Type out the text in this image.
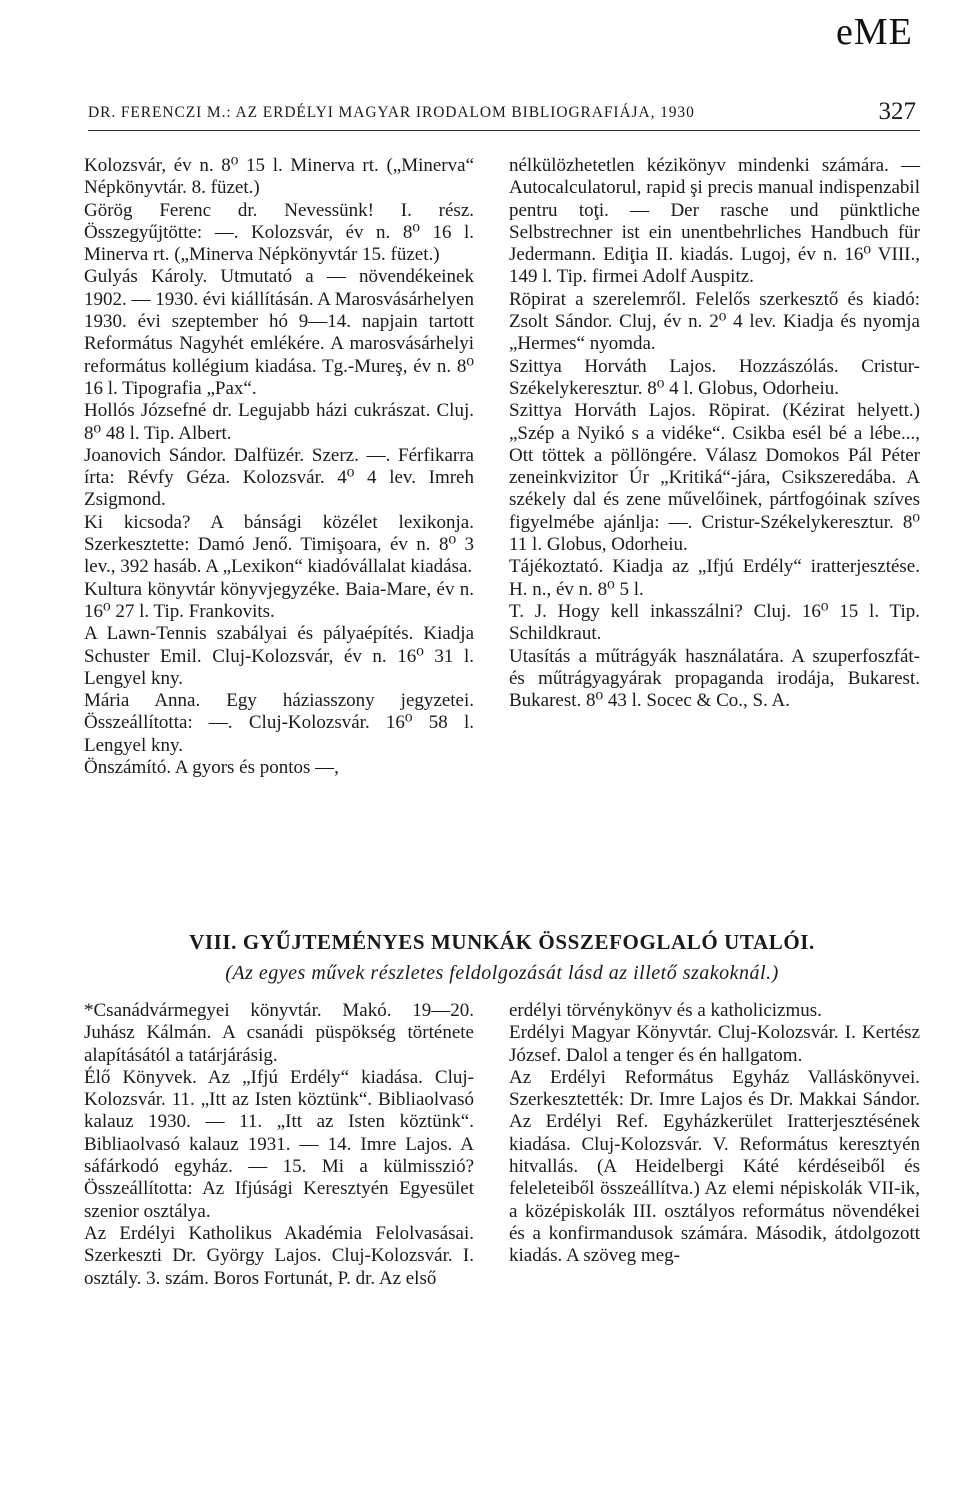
eME
DR. FERENCZI M.: AZ ERDÉLYI MAGYAR IRODALOM BIBLIOGRAFIÁJA, 1930	327

Kolozsvár, év n. 8⁰ 15 l. Minerva rt. („Minerva“ Népkönyvtár. 8. füzet.)

Görög Ferenc dr. Nevessünk! I. rész. Összegyűjtötte: —. Kolozsvár, év n. 8⁰ 16 l. Minerva rt. („Minerva Népkönyvtár 15. füzet.)

Gulyás Károly. Utmutató a — növendékeinek 1902. — 1930. évi kiállításán. A Marosvásárhelyen 1930. évi szeptember hó 9—14. napjain tartott Református Nagyhét emlékére. A marosvásárhelyi református kollégium kiadása. Tg.-Mureş, év n. 8⁰ 16 l. Tipografia „Pax“.

Hollós Józsefné dr. Legujabb házi cukrászat. Cluj. 8⁰ 48 l. Tip. Albert.

Joanovich Sándor. Dalfüzér. Szerz. —. Férfikarra írta: Révfy Géza. Kolozsvár. 4⁰ 4 lev. Imreh Zsigmond.

Ki kicsoda? A bánsági közélet lexikonja. Szerkesztette: Damó Jenő. Timişoara, év n. 8⁰ 3 lev., 392 hasáb. A „Lexikon“ kiadóvállalat kiadása.

Kultura könyvtár könyvjegyzéke. Baia-Mare, év n. 16⁰ 27 l. Tip. Frankovits.

A Lawn-Tennis szabályai és pályaépítés. Kiadja Schuster Emil. Cluj-Kolozsvár, év n. 16⁰ 31 l. Lengyel kny.

Mária Anna. Egy háziasszony jegyzetei. Összeállította: —. Cluj-Kolozsvár. 16⁰ 58 l. Lengyel kny.

Önszámító. A gyors és pontos —,

nélkülözhetetlen kézikönyv mindenki számára. — Autocalculatorul, rapid şi precis manual indispenzabil pentru toţi. — Der rasche und pünktliche Selbstrechner ist ein unentbehrliches Handbuch für Jedermann. Ediţia II. kiadás. Lugoj, év n. 16⁰ VIII., 149 l. Tip. firmei Adolf Auspitz.

Röpirat a szerelemről. Felelős szerkesztő és kiadó: Zsolt Sándor. Cluj, év n. 2⁰ 4 lev. Kiadja és nyomja „Hermes“ nyomda.

Szittya Horváth Lajos. Hozzászólás. Cristur-Székelykeresztur. 8⁰ 4 l. Globus, Odorheiu.

Szittya Horváth Lajos. Röpirat. (Kézirat helyett.) „Szép a Nyikó s a vidéke“. Csikba esél bé a lébe..., Ott töttek a pöllöngére. Válasz Domokos Pál Péter zeneinkvizitor Úr „Kritiká“-jára, Csikszeredába. A székely dal és zene művelőinek, pártfogóinak szíves figyelmébe ajánlja: —. Cristur-Székelykeresztur. 8⁰ 11 l. Globus, Odorheiu.

Tájékoztató. Kiadja az „Ifjú Erdély“ iratterjesztése. H. n., év n. 8⁰ 5 l.

T. J. Hogy kell inkasszálni? Cluj. 16⁰ 15 l. Tip. Schildkraut.

Utasítás a műtrágyák használatára. A szuperfoszfát- és műtrágyagyárak propaganda irodája, Bukarest. Bukarest. 8⁰ 43 l. Socec & Co., S. A.

VIII. GYŰJTEMÉNYES MUNKÁK ÖSSZEFOGLALÓ UTALÓI.
(Az egyes művek részletes feldolgozását lásd az illető szakoknál.)

*Csanádvármegyei könyvtár. Makó. 19—20. Juhász Kálmán. A csanádi püspökség története alapításától a tatárjárásig.

Élő Könyvek. Az „Ifjú Erdély“ kiadása. Cluj-Kolozsvár. 11. „Itt az Isten köztünk“. Bibliaolvasó kalauz 1930. — 11. „Itt az Isten köztünk“. Bibliaolvasó kalauz 1931. — 14. Imre Lajos. A sáfárkodó egyház. — 15. Mi a külmisszió? Összeállította: Az Ifjúsági Keresztyén Egyesület szenior osztálya.

Az Erdélyi Katholikus Akadémia Felolvasásai. Szerkeszti Dr. György Lajos. Cluj-Kolozsvár. I. osztály. 3. szám. Boros Fortunát, P. dr. Az első

erdélyi törvénykönyv és a katholicizmus.

Erdélyi Magyar Könyvtár. Cluj-Kolozsvár. I. Kertész József. Dalol a tenger és én hallgatom.

Az Erdélyi Református Egyház Valláskönyvei. Szerkesztették: Dr. Imre Lajos és Dr. Makkai Sándor. Az Erdélyi Ref. Egyházkerület Iratterjesztésének kiadása. Cluj-Kolozsvár. V. Református keresztyén hitvallás. (A Heidelbergi Káté kérdéseiből és feleleteiből összeállítva.) Az elemi népiskolák VII-ik, a középiskolák III. osztályos református növendékei és a konfirmandusok számára. Második, átdolgozott kiadás. A szöveg meg-
